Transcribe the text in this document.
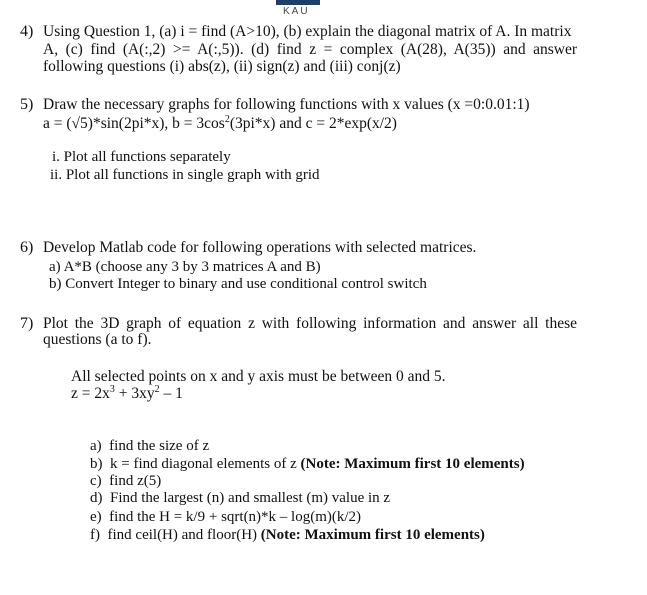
KAU
4) Using Question 1, (a) i = find (A>10), (b) explain the diagonal matrix of A. In matrix
A, (c) find (A(:,2) >= A(:,5)). (d) find z = complex (A(28), A(35)) and answer
following questions (i) abs(z), (ii) sign(z) and (iii) conj(z)
5) Draw the necessary graphs for following functions with x values (x =0:0.01:1)
a = (√5)*sin(2pi*x), $b = 3\cos^2(3pi*x)$ and c = 2*exp(x/2)
i. Plot all functions separately
ii. Plot all functions in single graph with grid
6) Develop Matlab code for following operations with selected matrices.
a) A*B (choose any 3 by 3 matrices A and B)
b) Convert Integer to binary and use conditional control switch
7) Plot the 3D graph of equation z with following information and answer all these
questions (a to f).
All selected points on x and y axis must be between 0 and 5.
$z = 2x^3 + 3xy^2 - 1$
a) find the size of z
b) k = find diagonal elements of z (Note: Maximum first 10 elements)
c) find z(5)
d) Find the largest (n) and smallest (m) value in z
e) find the H = k/9 + sqrt(n)*k – log(m)(k/2)
f) find ceil(H) and floor(H) (Note: Maximum first 10 elements)
